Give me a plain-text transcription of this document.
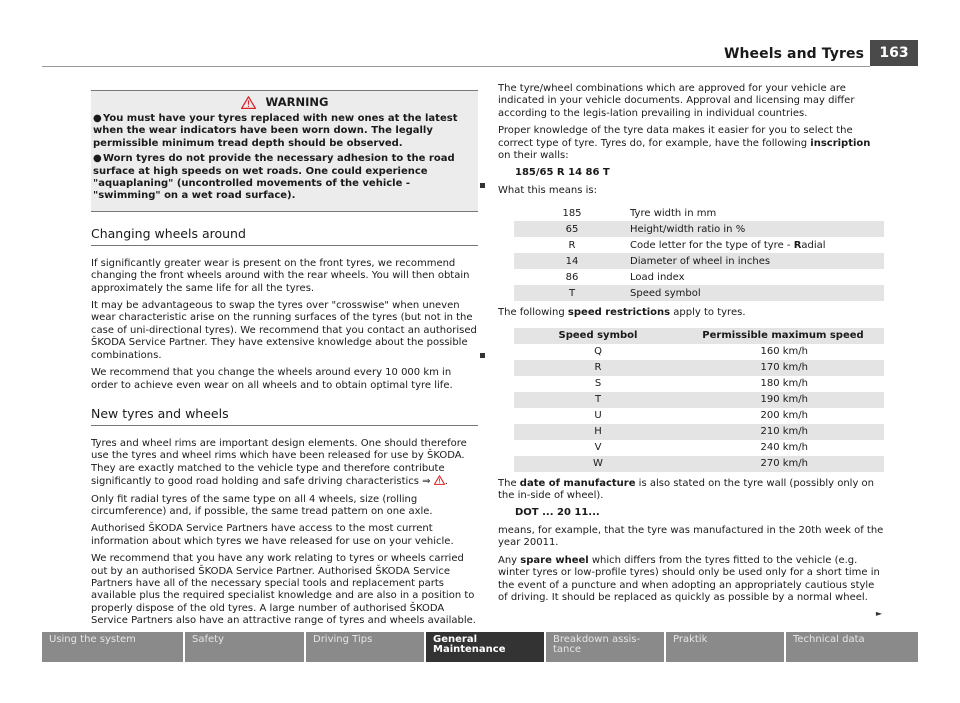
Wheels and Tyres	163
WARNING
●You must have your tyres replaced with new ones at the latest when the wear indicators have been worn down. The legally permissible minimum tread depth should be observed.
●Worn tyres do not provide the necessary adhesion to the road surface at high speeds on wet roads. One could experience "aquaplaning" (uncontrolled movements of the vehicle - "swimming" on a wet road surface).
Changing wheels around

If significantly greater wear is present on the front tyres, we recommend changing the front wheels around with the rear wheels. You will then obtain approximately the same life for all the tyres.

It may be advantageous to swap the tyres over "crosswise" when uneven wear characteristic arise on the running surfaces of the tyres (but not in the case of uni-directional tyres). We recommend that you contact an authorised ŠKODA Service Partner. They have extensive knowledge about the possible combinations.

We recommend that you change the wheels around every 10 000 km in order to achieve even wear on all wheels and to obtain optimal tyre life.

New tyres and wheels

Tyres and wheel rims are important design elements. One should therefore use the tyres and wheel rims which have been released for use by ŠKODA. They are exactly matched to the vehicle type and therefore contribute significantly to good road holding and safe driving characteristics ⇒ .

Only fit radial tyres of the same type on all 4 wheels, size (rolling circumference) and, if possible, the same tread pattern on one axle.

Authorised ŠKODA Service Partners have access to the most current information about which tyres we have released for use on your vehicle.

We recommend that you have any work relating to tyres or wheels carried out by an authorised ŠKODA Service Partner. Authorised ŠKODA Service Partners have all of the necessary special tools and replacement parts available plus the required specialist knowledge and are also in a position to properly dispose of the old tyres. A large number of authorised ŠKODA Service Partners also have an attractive range of tyres and wheels available.

The tyre/wheel combinations which are approved for your vehicle are indicated in your vehicle documents. Approval and licensing may differ according to the legis-lation prevailing in individual countries.

Proper knowledge of the tyre data makes it easier for you to select the correct type of tyre. Tyres do, for example, have the following inscription on their walls:

185/65 R 14 86 T

What this means is:

185	Tyre width in mm
65	Height/width ratio in %
R	Code letter for the type of tyre - Radial
14	Diameter of wheel in inches
86	Load index
T	Speed symbol

The following speed restrictions apply to tyres.

Speed symbol	Permissible maximum speed
Q	160 km/h
R	170 km/h
S	180 km/h
T	190 km/h
U	200 km/h
H	210 km/h
V	240 km/h
W	270 km/h

The date of manufacture is also stated on the tyre wall (possibly only on the in-side of wheel).

DOT ... 20 11...

means, for example, that the tyre was manufactured in the 20th week of the year 20011.

Any spare wheel which differs from the tyres fitted to the vehicle (e.g. winter tyres or low-profile tyres) should only be used only for a short time in the event of a puncture and when adopting an appropriately cautious style of driving. It should be replaced as quickly as possible by a normal wheel.

►
Using the system	Safety	Driving Tips	General Maintenance
Breakdown assis-
tance
Praktik	Technical data
